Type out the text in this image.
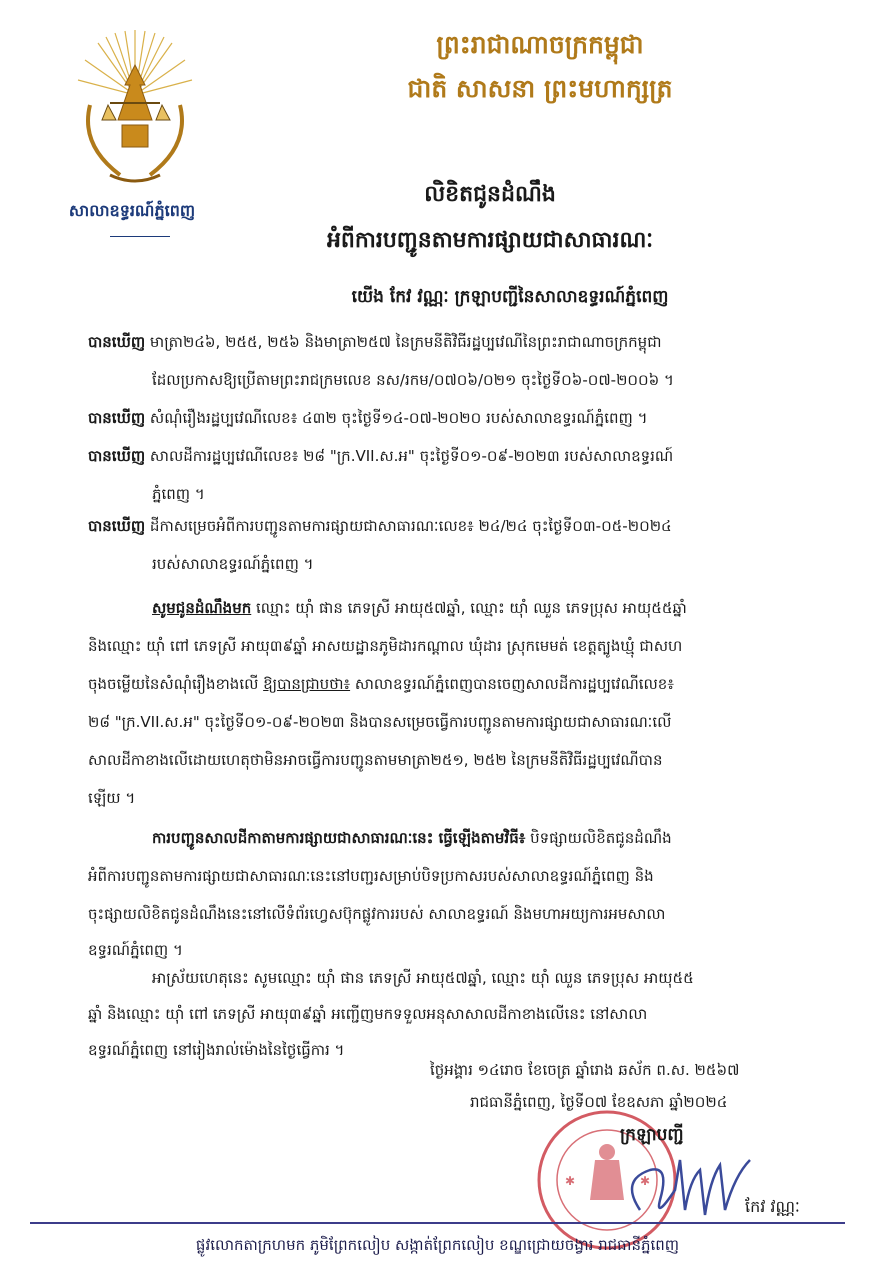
ព្រះរាជាណាចក្រកម្ពុជា
ជាតិ សាសនា ព្រះមហាក្សត្រ
សាលាឧទ្ធរណ៍ភ្នំពេញ
លិខិតជូនដំណឹង
អំពីការបញ្ជូនតាមការផ្សាយជាសាធារណៈ
យើង កែវ វណ្ណៈ ក្រឡាបញ្ជីនៃសាលាឧទ្ធរណ៍ភ្នំពេញ
បានឃើញ មាត្រា២៤៦, ២៥៥, ២៥៦ និងមាត្រា២៥៧ នៃក្រមនីតិវិធីរដ្ឋប្បវេណីនៃព្រះរាជាណាចក្រកម្ពុជា
ដែលប្រកាសឱ្យប្រើតាមព្រះរាជក្រមលេខ នស/រកម/០៧០៦/០២១ ចុះថ្ងៃទី០៦-០៧-២០០៦ ។
បានឃើញ សំណុំរឿងរដ្ឋប្បវេណីលេខ៖ ៤៣២ ចុះថ្ងៃទី១៤-០៧-២០២០ របស់សាលាឧទ្ធរណ៍ភ្នំពេញ ។
បានឃើញ សាលដីការដ្ឋប្បវេណីលេខ៖ ២៨ "ក្រ.VII.ស.អ" ចុះថ្ងៃទី០១-០៩-២០២៣ របស់សាលាឧទ្ធរណ៍
ភ្នំពេញ ។
បានឃើញ ដីកាសម្រេចអំពីការបញ្ជូនតាមការផ្សាយជាសាធារណៈលេខ៖ ២៤/២៤ ចុះថ្ងៃទី០៣-០៥-២០២៤
របស់សាលាឧទ្ធរណ៍ភ្នំពេញ ។
សូមជូនដំណឹងមក ឈ្មោះ យ៉ាំ ផាន ភេទស្រី អាយុ៥៧ឆ្នាំ, ឈ្មោះ យ៉ាំ ឈួន ភេទប្រុស អាយុ៥៥ឆ្នាំ
និងឈ្មោះ យ៉ាំ ពៅ ភេទស្រី អាយុ៣៩ឆ្នាំ អាសយដ្ឋានភូមិដារកណ្ដាល ឃុំដារ ស្រុកមេមត់ ខេត្តត្បូងឃ្មុំ ជាសហ
ចុងចម្លើយនៃសំណុំរឿងខាងលើ ឱ្យបានជ្រាបថា៖ សាលាឧទ្ធរណ៍ភ្នំពេញបានចេញសាលដីការដ្ឋប្បវេណីលេខ៖
២៨ "ក្រ.VII.ស.អ" ចុះថ្ងៃទី០១-០៩-២០២៣ និងបានសម្រេចធ្វើការបញ្ជូនតាមការផ្សាយជាសាធារណៈលើ
សាលដីកាខាងលើដោយហេតុថាមិនអាចធ្វើការបញ្ជូនតាមមាត្រា២៥១, ២៥២ នៃក្រមនីតិវិធីរដ្ឋប្បវេណីបាន
ឡើយ ។
ការបញ្ជូនសាលដីកាតាមការផ្សាយជាសាធារណៈនេះ ធ្វើឡើងតាមវិធី៖ បិទផ្សាយលិខិតជូនដំណឹង
អំពីការបញ្ជូនតាមការផ្សាយជាសាធារណៈនេះនៅបញ្ជរសម្រាប់បិទប្រកាសរបស់សាលាឧទ្ធរណ៍ភ្នំពេញ និង
ចុះផ្សាយលិខិតជូនដំណឹងនេះនៅលើទំព័រហ្វេសប៊ុកផ្លូវការរបស់ សាលាឧទ្ធរណ៍ និងមហាអយ្យការអមសាលា
ឧទ្ធរណ៍ភ្នំពេញ ។
អាស្រ័យហេតុនេះ សូមឈ្មោះ យ៉ាំ ផាន ភេទស្រី អាយុ៥៧ឆ្នាំ, ឈ្មោះ យ៉ាំ ឈួន ភេទប្រុស អាយុ៥៥
ឆ្នាំ និងឈ្មោះ យ៉ាំ ពៅ ភេទស្រី អាយុ៣៩ឆ្នាំ អញ្ជើញមកទទួលអនុសាសាលដីកាខាងលើនេះ នៅសាលា
ឧទ្ធរណ៍ភ្នំពេញ នៅរៀងរាល់ម៉ោងនៃថ្ងៃធ្វើការ ។
ថ្ងៃអង្គារ ១៤រោច ខែចេត្រ ឆ្នាំរោង ឆស័ក ព.ស. ២៥៦៧
រាជធានីភ្នំពេញ, ថ្ងៃទី០៧ ខែឧសភា ឆ្នាំ២០២៤
✱	✱
ក្រឡាបញ្ជី
កែវ វណ្ណៈ
ផ្លូវលោកតាក្រហមក ភូមិព្រែកលៀប សង្កាត់ព្រែកលៀប ខណ្ឌជ្រោយចង្វារ រាជធានីភ្នំពេញ
